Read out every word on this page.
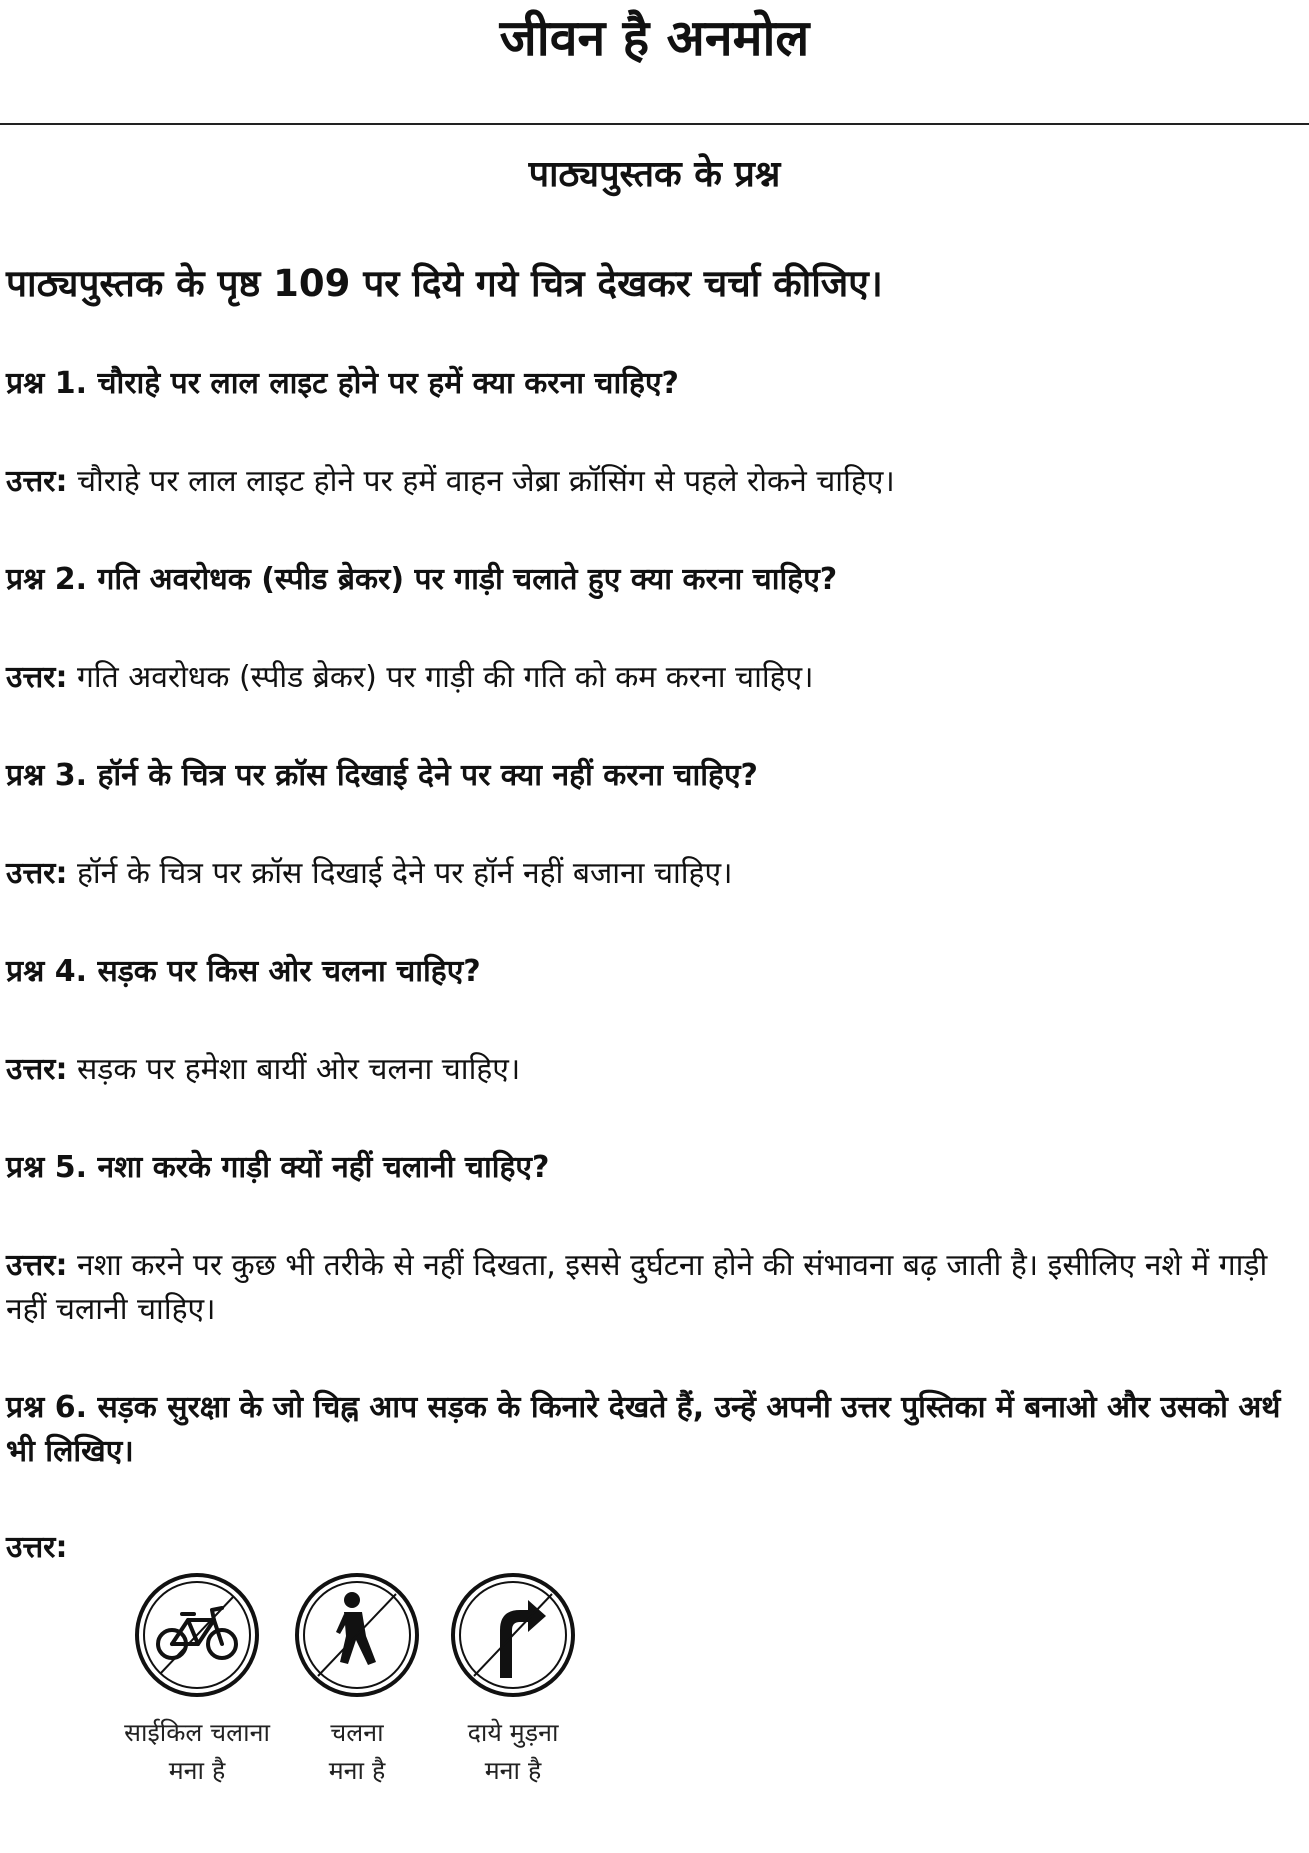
जीवन है अनमोल
पाठ्यपुस्तक के प्रश्न
पाठ्यपुस्तक के पृष्ठ 109 पर दिये गये चित्र देखकर चर्चा कीजिए।
प्रश्न 1. चौराहे पर लाल लाइट होने पर हमें क्या करना चाहिए?
उत्तर: चौराहे पर लाल लाइट होने पर हमें वाहन जेब्रा क्रॉसिंग से पहले रोकने चाहिए।
प्रश्न 2. गति अवरोधक (स्पीड ब्रेकर) पर गाड़ी चलाते हुए क्या करना चाहिए?
उत्तर: गति अवरोधक (स्पीड ब्रेकर) पर गाड़ी की गति को कम करना चाहिए।
प्रश्न 3. हॉर्न के चित्र पर क्रॉस दिखाई देने पर क्या नहीं करना चाहिए?
उत्तर: हॉर्न के चित्र पर क्रॉस दिखाई देने पर हॉर्न नहीं बजाना चाहिए।
प्रश्न 4. सड़क पर किस ओर चलना चाहिए?
उत्तर: सड़क पर हमेशा बायीं ओर चलना चाहिए।
प्रश्न 5. नशा करके गाड़ी क्यों नहीं चलानी चाहिए?
उत्तर: नशा करने पर कुछ भी तरीके से नहीं दिखता, इससे दुर्घटना होने की संभावना बढ़ जाती है। इसीलिए नशे में गाड़ी नहीं चलानी चाहिए।
प्रश्न 6. सड़क सुरक्षा के जो चिह्न आप सड़क के किनारे देखते हैं, उन्हें अपनी उत्तर पुस्तिका में बनाओ और उसको अर्थ भी लिखिए।
उत्तर:
साईकिल चलाना
मना है
चलना
मना है
दाये मुड़ना
मना है
